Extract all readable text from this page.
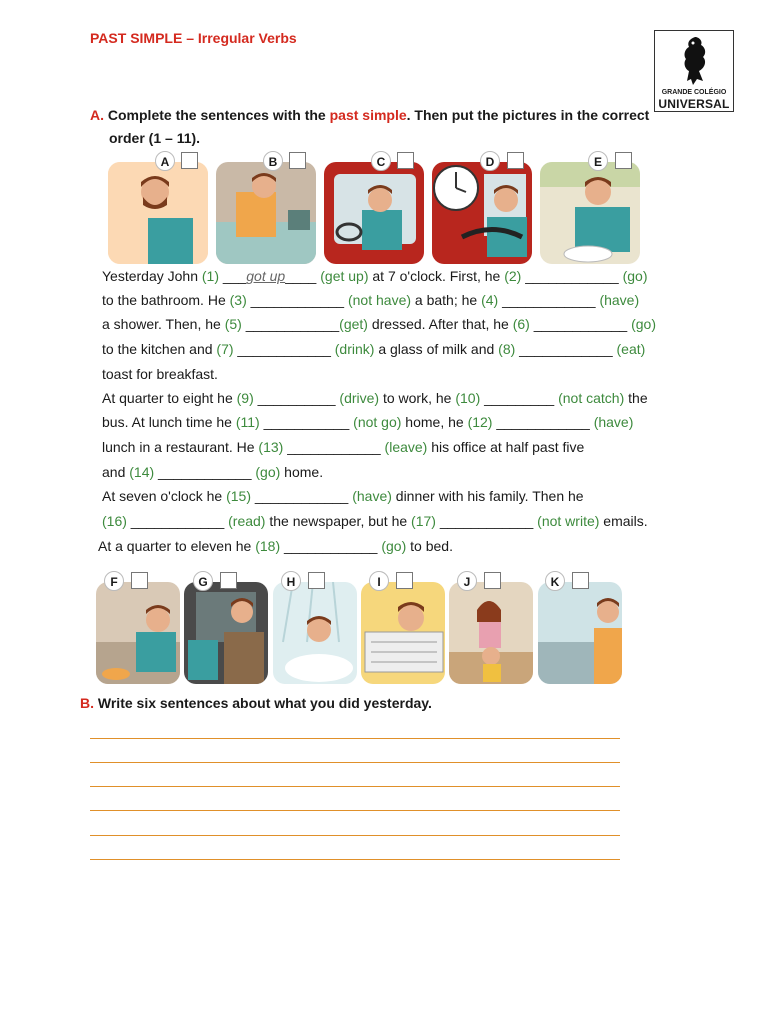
PAST SIMPLE – Irregular Verbs
GRANDE COLÉGIO
UNIVERSAL
A. Complete the sentences with the past simple. Then put the pictures in the correct
order (1 – 11).
A	B	C	D	E
Yesterday John (1) ___got up____ (get up) at 7 o'clock. First, he (2) ____________ (go)
to the bathroom. He (3) ____________ (not have) a bath; he (4) ____________ (have)
a shower. Then, he (5) ____________(get) dressed. After that, he (6) ____________ (go)
to the kitchen and (7) ____________ (drink) a glass of milk and (8) ____________ (eat)
toast for breakfast.
At quarter to eight he (9) __________ (drive) to work, he (10) _________ (not catch) the
bus. At lunch time he (11) ___________ (not go) home, he (12) ____________ (have)
lunch in a restaurant. He (13) ____________ (leave) his office at half past five
and (14) ____________ (go) home.
At seven o'clock he (15) ____________ (have) dinner with his family. Then he
(16) ____________ (read) the newspaper, but he (17) ____________ (not write) emails.
At a quarter to eleven he (18) ____________ (go) to bed.
F	G	H	I	J	K
B. Write six sentences about what you did yesterday.
